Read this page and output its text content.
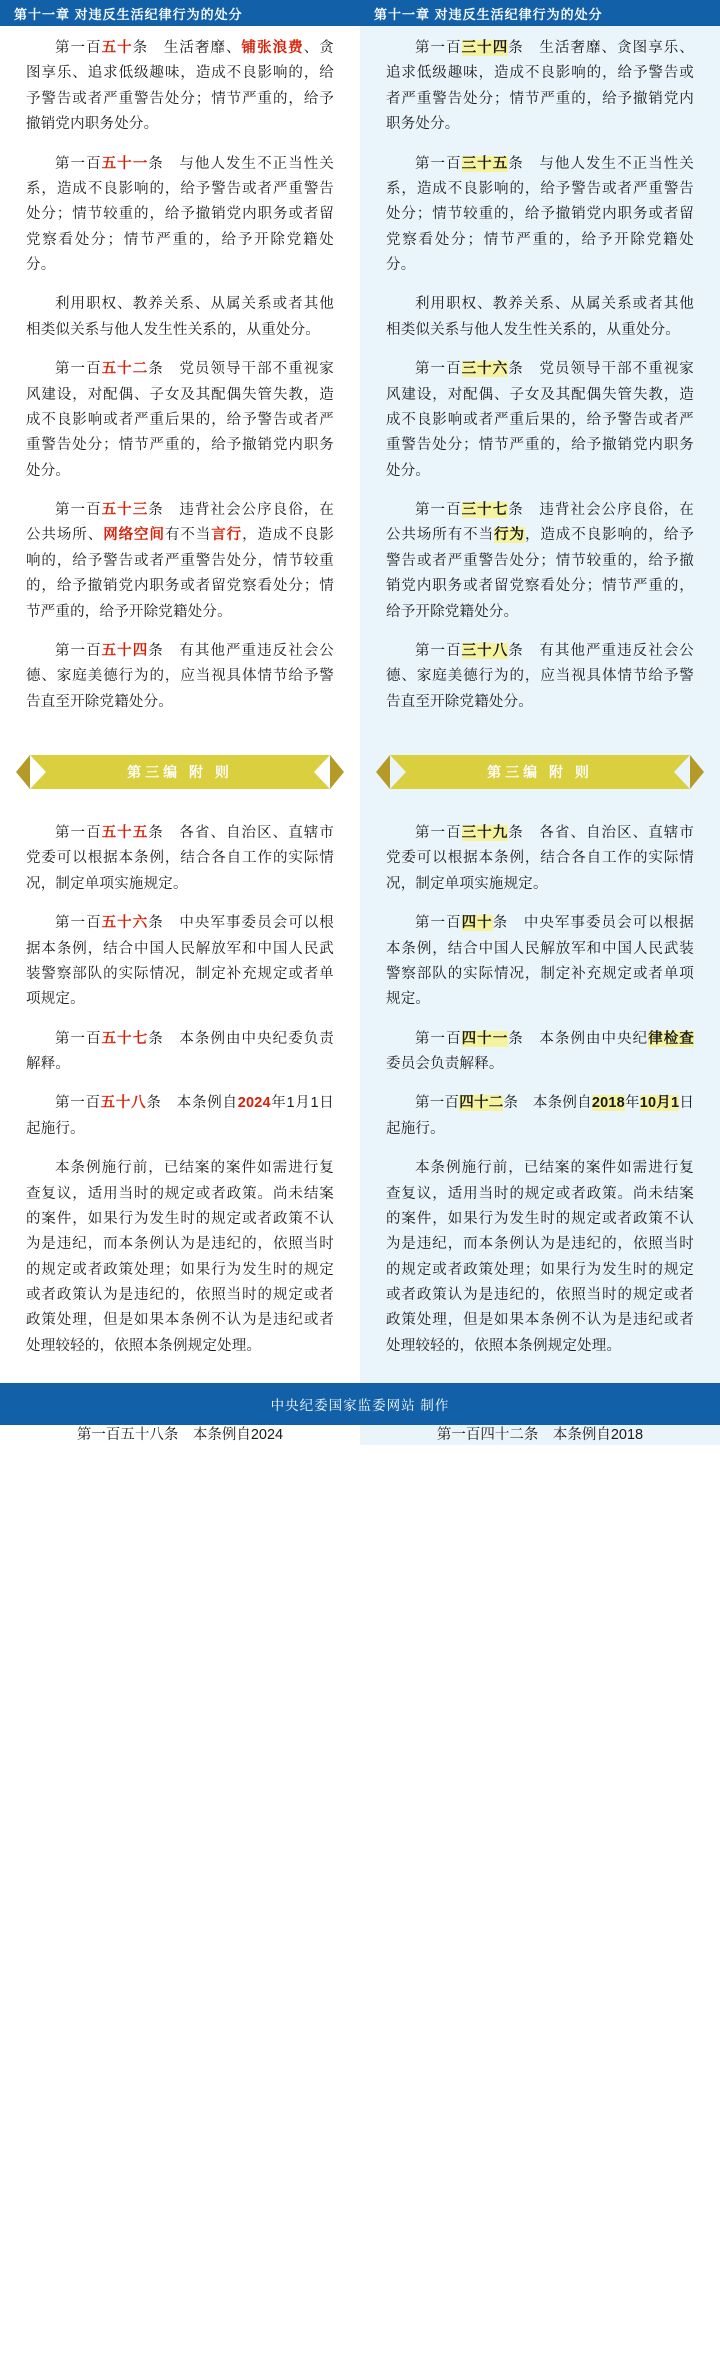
第十一章 对违反生活纪律行为的处分

第一百五十条　生活奢靡、铺张浪费、贪图享乐、追求低级趣味，造成不良影响的，给予警告或者严重警告处分；情节严重的，给予撤销党内职务处分。

第一百五十一条　与他人发生不正当性关系，造成不良影响的，给予警告或者严重警告处分；情节较重的，给予撤销党内职务或者留党察看处分；情节严重的，给予开除党籍处分。

利用职权、教养关系、从属关系或者其他相类似关系与他人发生性关系的，从重处分。

第一百五十二条　党员领导干部不重视家风建设，对配偶、子女及其配偶失管失教，造成不良影响或者严重后果的，给予警告或者严重警告处分；情节严重的，给予撤销党内职务处分。

第一百五十三条　违背社会公序良俗，在公共场所、网络空间有不当言行，造成不良影响的，给予警告或者严重警告处分，情节较重的，给予撤销党内职务或者留党察看处分；情节严重的，给予开除党籍处分。

第一百五十四条　有其他严重违反社会公德、家庭美德行为的，应当视具体情节给予警告直至开除党籍处分。

第三编 附 则

第一百五十五条　各省、自治区、直辖市党委可以根据本条例，结合各自工作的实际情况，制定单项实施规定。

第一百五十六条　中央军事委员会可以根据本条例，结合中国人民解放军和中国人民武装警察部队的实际情况，制定补充规定或者单项规定。

第一百五十七条　本条例由中央纪委负责解释。

第一百五十八条　本条例自2024年1月1日起施行。

本条例施行前，已结案的案件如需进行复查复议，适用当时的规定或者政策。尚未结案的案件，如果行为发生时的规定或者政策不认为是违纪，而本条例认为是违纪的，依照当时的规定或者政策处理；如果行为发生时的规定或者政策认为是违纪的，依照当时的规定或者政策处理，但是如果本条例不认为是违纪或者处理较轻的，依照本条例规定处理。

第十一章 对违反生活纪律行为的处分

第一百三十四条　生活奢靡、贪图享乐、追求低级趣味，造成不良影响的，给予警告或者严重警告处分；情节严重的，给予撤销党内职务处分。

第一百三十五条　与他人发生不正当性关系，造成不良影响的，给予警告或者严重警告处分；情节较重的，给予撤销党内职务或者留党察看处分；情节严重的，给予开除党籍处分。

利用职权、教养关系、从属关系或者其他相类似关系与他人发生性关系的，从重处分。

第一百三十六条　党员领导干部不重视家风建设，对配偶、子女及其配偶失管失教，造成不良影响或者严重后果的，给予警告或者严重警告处分；情节严重的，给予撤销党内职务处分。

第一百三十七条　违背社会公序良俗，在公共场所有不当行为，造成不良影响的，给予警告或者严重警告处分；情节较重的，给予撤销党内职务或者留党察看处分；情节严重的，给予开除党籍处分。

第一百三十八条　有其他严重违反社会公德、家庭美德行为的，应当视具体情节给予警告直至开除党籍处分。

第三编 附 则

第一百三十九条　各省、自治区、直辖市党委可以根据本条例，结合各自工作的实际情况，制定单项实施规定。

第一百四十条　中央军事委员会可以根据本条例，结合中国人民解放军和中国人民武装警察部队的实际情况，制定补充规定或者单项规定。

第一百四十一条　本条例由中央纪律检查委员会负责解释。

第一百四十二条　本条例自2018年10月1日起施行。

本条例施行前，已结案的案件如需进行复查复议，适用当时的规定或者政策。尚未结案的案件，如果行为发生时的规定或者政策不认为是违纪，而本条例认为是违纪的，依照当时的规定或者政策处理；如果行为发生时的规定或者政策认为是违纪的，依照当时的规定或者政策处理，但是如果本条例不认为是违纪或者处理较轻的，依照本条例规定处理。

中央纪委国家监委网站 制作
第一百五十八条　本条例自2024	第一百四十二条　本条例自2018
